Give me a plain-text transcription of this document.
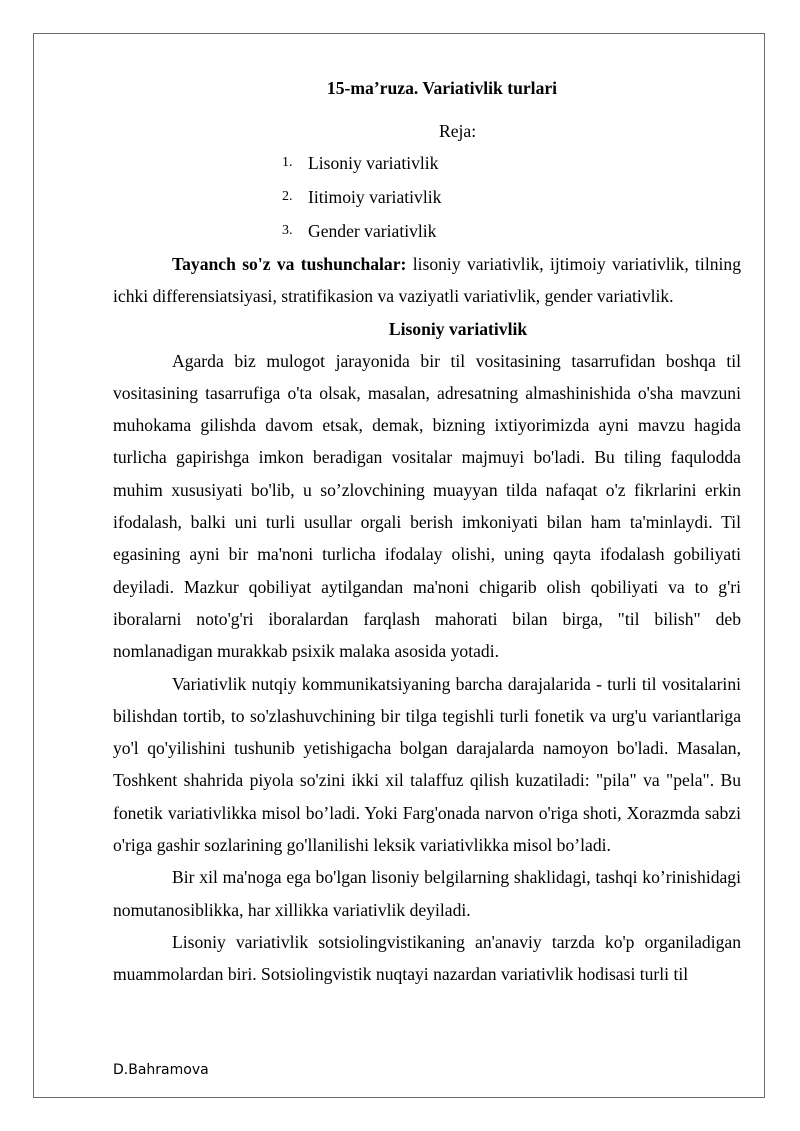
15-ma’ruza. Variativlik turlari
Reja:
1. Lisoniy variativlik
2. Iitimoiy variativlik
3. Gender variativlik

Tayanch so'z va tushunchalar: lisoniy variativlik, ijtimoiy variativlik, tilning ichki differensiatsiyasi, stratifikasion va vaziyatli variativlik, gender variativlik.

Lisoniy variativlik

Agarda biz mulogot jarayonida bir til vositasining tasarrufidan boshqa til vositasining tasarrufiga o'ta olsak, masalan, adresatning almashinishida o'sha mavzuni muhokama gilishda davom etsak, demak, bizning ixtiyorimizda ayni mavzu hagida turlicha gapirishga imkon beradigan vositalar majmuyi bo'ladi. Bu tiling faqulodda muhim xususiyati bo'lib, u so’zlovchining muayyan tilda nafaqat o'z fikrlarini erkin ifodalash, balki uni turli usullar orgali berish imkoniyati bilan ham ta'minlaydi. Til egasining ayni bir ma'noni turlicha ifodalay olishi, uning qayta ifodalash gobiliyati deyiladi. Mazkur qobiliyat aytilgandan ma'noni chigarib olish qobiliyati va to g'ri iboralarni noto'g'ri iboralardan farqlash mahorati bilan birga, "til bilish" deb nomlanadigan murakkab psixik malaka asosida yotadi.

Variativlik nutqiy kommunikatsiyaning barcha darajalarida - turli til vositalarini bilishdan tortib, to so'zlashuvchining bir tilga tegishli turli fonetik va urg'u variantlariga yo'l qo'yilishini tushunib yetishigacha bolgan darajalarda namoyon bo'ladi. Masalan, Toshkent shahrida piyola so'zini ikki xil talaffuz qilish kuzatiladi: "pila" va "pela". Bu fonetik variativlikka misol bo’ladi. Yoki Farg'onada narvon o'riga shoti, Xorazmda sabzi o'riga gashir sozlarining go'llanilishi leksik variativlikka misol bo’ladi.

Bir xil ma'noga ega bo'lgan lisoniy belgilarning shaklidagi, tashqi ko’rinishidagi nomutanosiblikka, har xillikka variativlik deyiladi.

Lisoniy variativlik sotsiolingvistikaning an'anaviy tarzda ko'p organiladigan muammolardan biri. Sotsiolingvistik nuqtayi nazardan variativlik hodisasi turli til

D.Bahramova
